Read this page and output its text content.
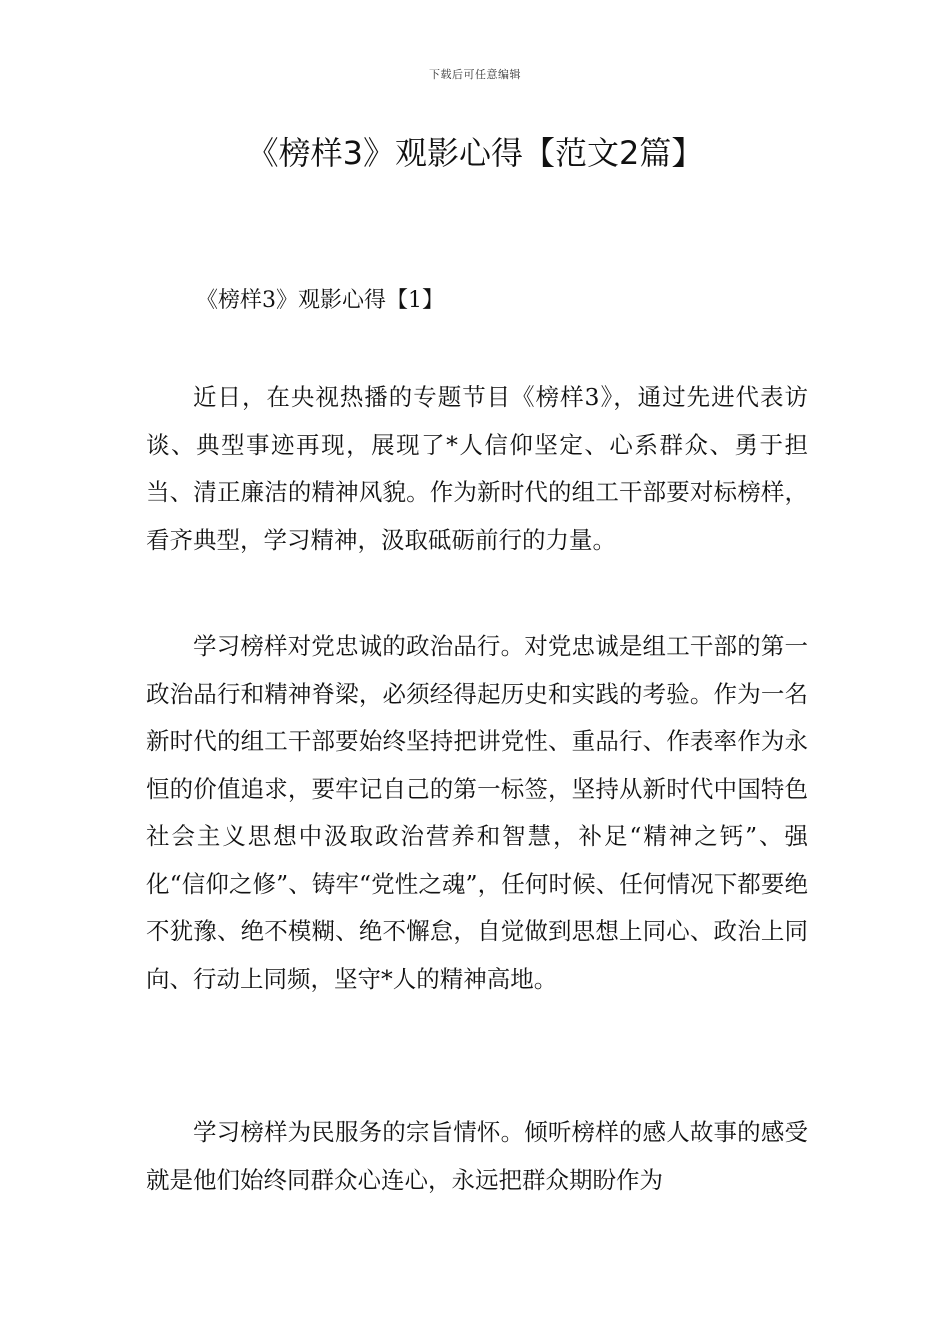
下载后可任意编辑
《榜样3》观影心得【范文2篇】
《榜样3》观影心得【1】

近日，在央视热播的专题节目《榜样3》，通过先进代表访谈、典型事迹再现，展现了*人信仰坚定、心系群众、勇于担当、清正廉洁的精神风貌。作为新时代的组工干部要对标榜样，看齐典型，学习精神，汲取砥砺前行的力量。

学习榜样对党忠诚的政治品行。对党忠诚是组工干部的第一政治品行和精神脊梁，必须经得起历史和实践的考验。作为一名新时代的组工干部要始终坚持把讲党性、重品行、作表率作为永恒的价值追求，要牢记自己的第一标签，坚持从新时代中国特色社会主义思想中汲取政治营养和智慧，补足“精神之钙”、强化“信仰之修”、铸牢“党性之魂”，任何时候、任何情况下都要绝不犹豫、绝不模糊、绝不懈怠，自觉做到思想上同心、政治上同向、行动上同频，坚守*人的精神高地。

学习榜样为民服务的宗旨情怀。倾听榜样的感人故事的感受就是他们始终同群众心连心，永远把群众期盼作为
